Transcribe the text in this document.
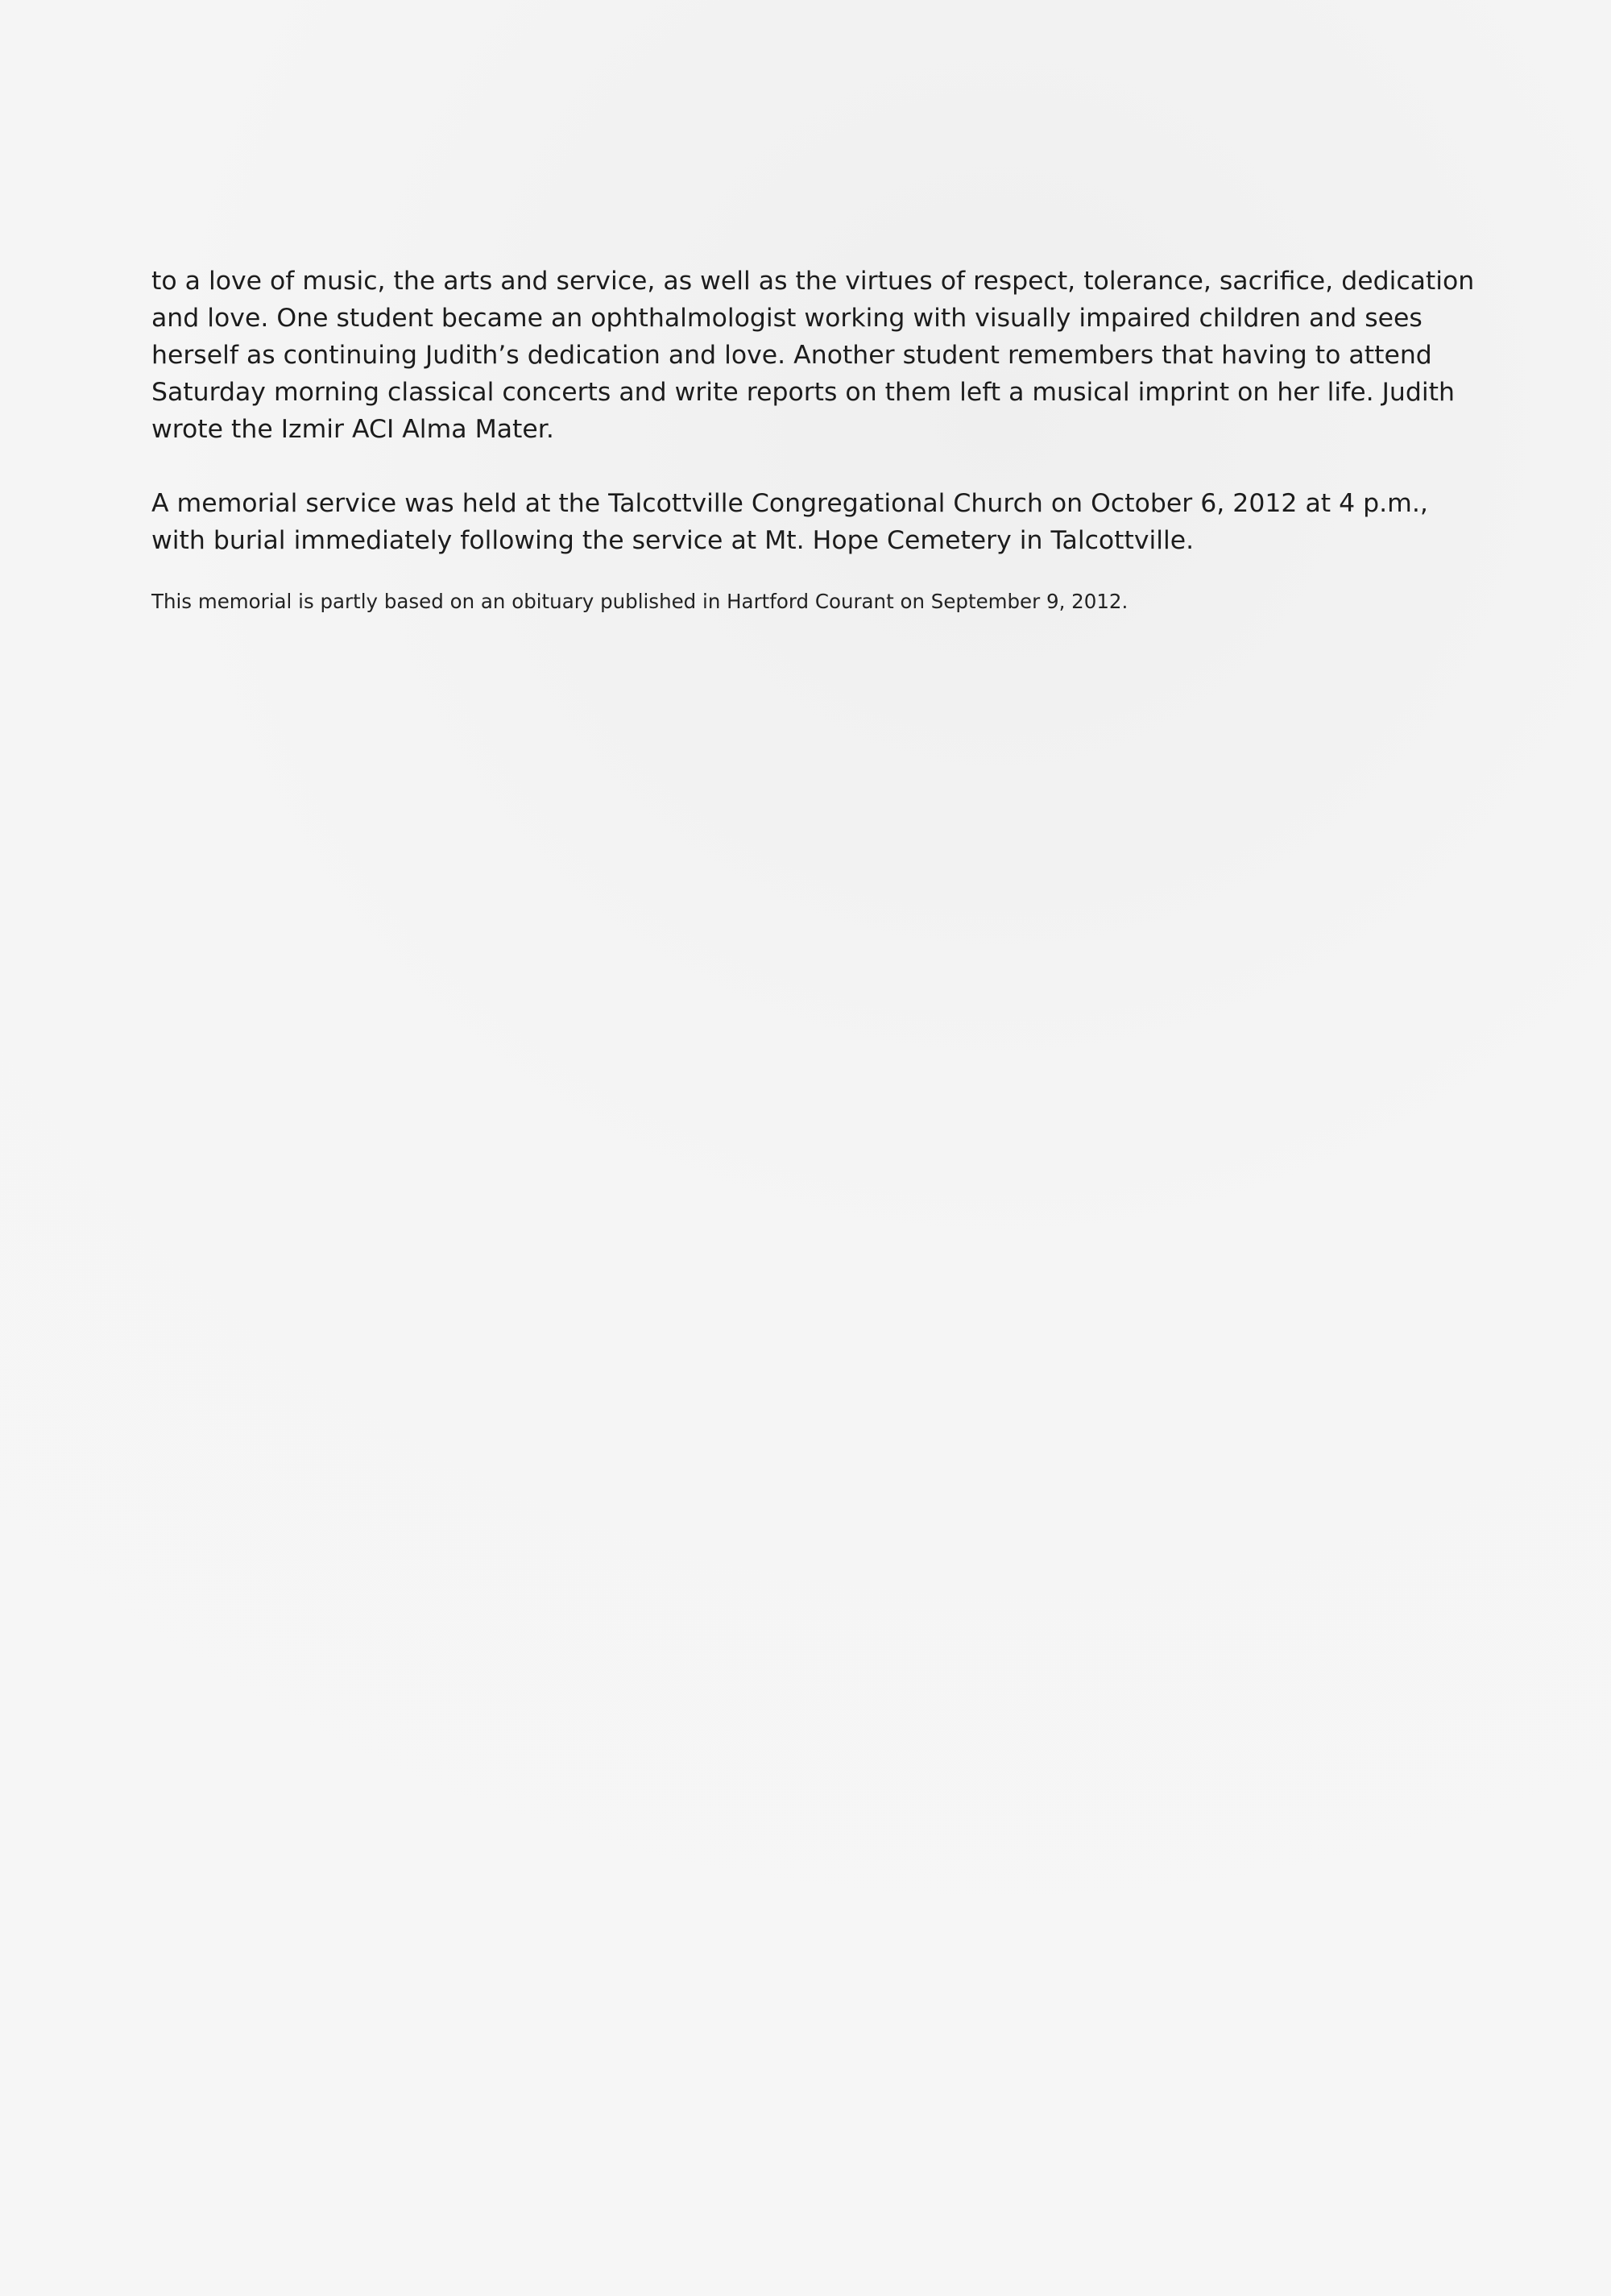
to a love of music, the arts and service, as well as the virtues of respect, tolerance, sacrifice, dedication
and love. One student became an ophthalmologist working with visually impaired children and sees
herself as continuing Judith’s dedication and love. Another student remembers that having to attend
Saturday morning classical concerts and write reports on them left a musical imprint on her life. Judith
wrote the Izmir ACI Alma Mater.

A memorial service was held at the Talcottville Congregational Church on October 6, 2012 at 4 p.m.,
with burial immediately following the service at Mt. Hope Cemetery in Talcottville.

This memorial is partly based on an obituary published in Hartford Courant on September 9, 2012.
